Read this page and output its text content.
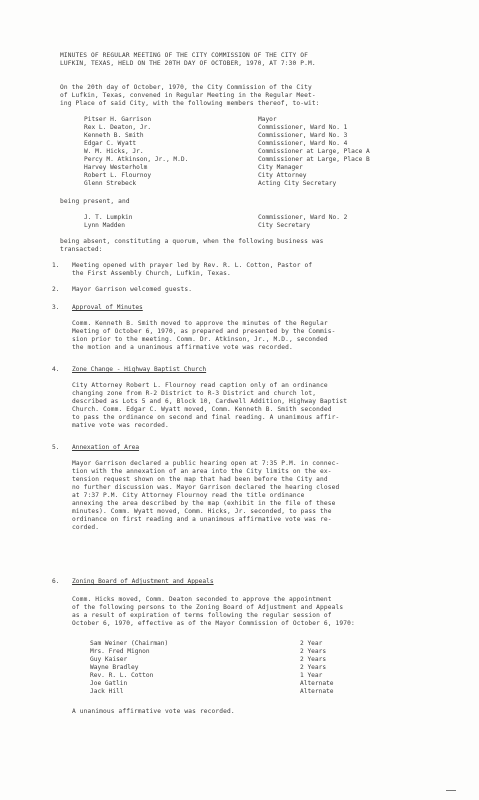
MINUTES OF REGULAR MEETING OF THE CITY COMMISSION OF THE CITY OF
LUFKIN, TEXAS, HELD ON THE 20TH DAY OF OCTOBER, 1970, AT 7:30 P.M.
On the 20th day of October, 1970, the City Commission of the City
of Lufkin, Texas, convened in Regular Meeting in the Regular Meet-
ing Place of said City, with the following members thereof, to-wit:
Pitser H. Garrison	Mayor
Rex L. Deaton, Jr.	Commissioner, Ward No. 1
Kenneth B. Smith	Commissioner, Ward No. 3
Edgar C. Wyatt	Commissioner, Ward No. 4
W. M. Hicks, Jr.	Commissioner at Large, Place A
Percy M. Atkinson, Jr., M.D.	Commissioner at Large, Place B
Harvey Westerholm	City Manager
Robert L. Flournoy	City Attorney
Glenn Strebeck	Acting City Secretary
being present, and
J. T. Lumpkin	Commissioner, Ward No. 2
Lynn Madden	City Secretary
being absent, constituting a quorum, when the following business was
transacted:
1. Meeting opened with prayer led by Rev. R. L. Cotton, Pastor of
the First Assembly Church, Lufkin, Texas.
2. Mayor Garrison welcomed guests.
3. Approval of Minutes
Comm. Kenneth B. Smith moved to approve the minutes of the Regular
Meeting of October 6, 1970, as prepared and presented by the Commis-
sion prior to the meeting. Comm. Dr. Atkinson, Jr., M.D., seconded
the motion and a unanimous affirmative vote was recorded.
4. Zone Change - Highway Baptist Church
City Attorney Robert L. Flournoy read caption only of an ordinance
changing zone from R-2 District to R-3 District and church lot,
described as Lots 5 and 6, Block 10, Cardwell Addition, Highway Baptist
Church. Comm. Edgar C. Wyatt moved, Comm. Kenneth B. Smith seconded
to pass the ordinance on second and final reading. A unanimous affir-
mative vote was recorded.
5. Annexation of Area
Mayor Garrison declared a public hearing open at 7:35 P.M. in connec-
tion with the annexation of an area into the City limits on the ex-
tension request shown on the map that had been before the City and
no further discussion was. Mayor Garrison declared the hearing closed
at 7:37 P.M. City Attorney Flournoy read the title ordinance
annexing the area described by the map (exhibit in the file of these
minutes). Comm. Wyatt moved, Comm. Hicks, Jr. seconded, to pass the
ordinance on first reading and a unanimous affirmative vote was re-
corded.
6. Zoning Board of Adjustment and Appeals
Comm. Hicks moved, Comm. Deaton seconded to approve the appointment
of the following persons to the Zoning Board of Adjustment and Appeals
as a result of expiration of terms following the regular session of
October 6, 1970, effective as of the Mayor Commission of October 6, 1970:
Sam Weiner (Chairman)	2 Year
Mrs. Fred Mignon	2 Years
Guy Kaiser	2 Years
Wayne Bradley	2 Years
Rev. R. L. Cotton	1 Year
Joe Gatlin	Alternate
Jack Hill	Alternate
A unanimous affirmative vote was recorded.
